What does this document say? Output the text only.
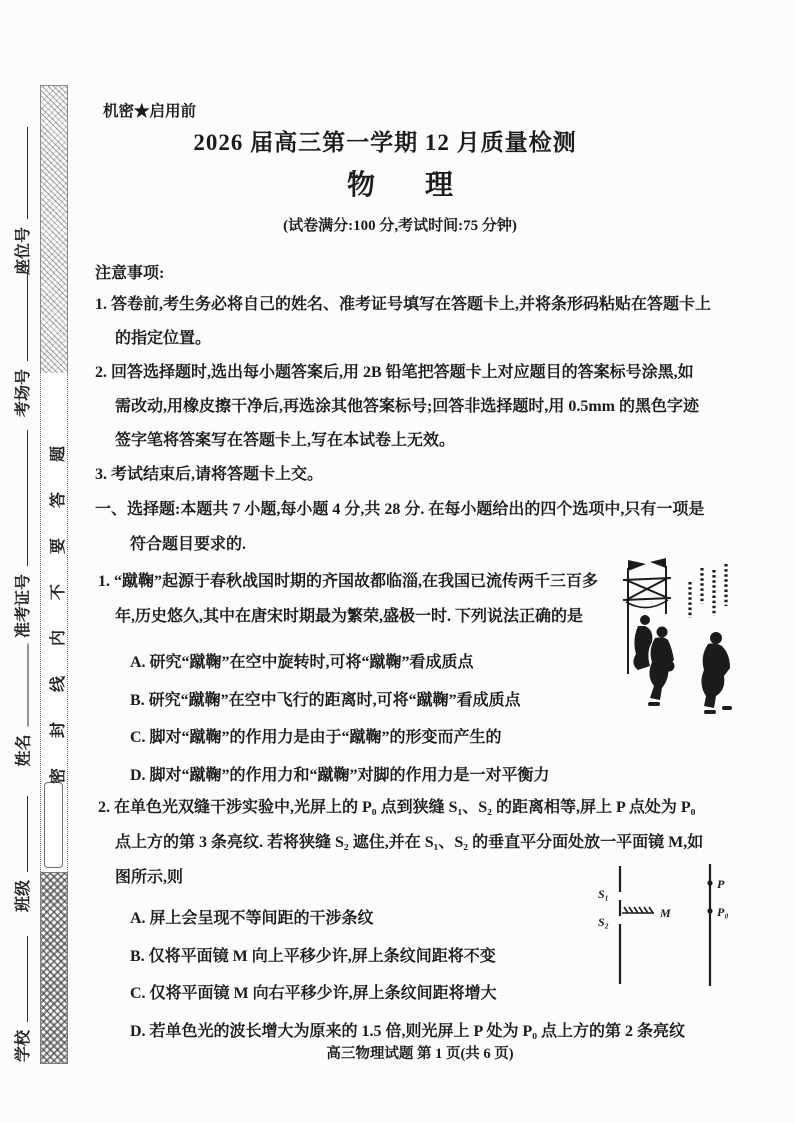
密封线内不要答题
座位号
考场号
准考证号
姓名
班级
学校
机密★启用前
2026 届高三第一学期 12 月质量检测
物理
(试卷满分:100 分,考试时间:75 分钟)
注意事项:
1. 答卷前,考生务必将自己的姓名、准考证号填写在答题卡上,并将条形码粘贴在答题卡上
的指定位置。
2. 回答选择题时,选出每小题答案后,用 2B 铅笔把答题卡上对应题目的答案标号涂黑,如
需改动,用橡皮擦干净后,再选涂其他答案标号;回答非选择题时,用 0.5mm 的黑色字迹
签字笔将答案写在答题卡上,写在本试卷上无效。
3. 考试结束后,请将答题卡上交。
一、选择题:本题共 7 小题,每小题 4 分,共 28 分. 在每小题给出的四个选项中,只有一项是
符合题目要求的.
1. “蹴鞠”起源于春秋战国时期的齐国故都临淄,在我国已流传两千三百多
年,历史悠久,其中在唐宋时期最为繁荣,盛极一时. 下列说法正确的是
A. 研究“蹴鞠”在空中旋转时,可将“蹴鞠”看成质点
B. 研究“蹴鞠”在空中飞行的距离时,可将“蹴鞠”看成质点
C. 脚对“蹴鞠”的作用力是由于“蹴鞠”的形变而产生的
D. 脚对“蹴鞠”的作用力和“蹴鞠”对脚的作用力是一对平衡力
2. 在单色光双缝干涉实验中,光屏上的 P₀ 点到狭缝 S₁、S₂ 的距离相等,屏上 P 点处为 P₀
点上方的第 3 条亮纹. 若将狭缝 S₂ 遮住,并在 S₁、S₂ 的垂直平分面处放一平面镜 M,如
图所示,则
S₁
S₂
M
P
P₀
A. 屏上会呈现不等间距的干涉条纹
B. 仅将平面镜 M 向上平移少许,屏上条纹间距将不变
C. 仅将平面镜 M 向右平移少许,屏上条纹间距将增大
D. 若单色光的波长增大为原来的 1.5 倍,则光屏上 P 处为 P₀ 点上方的第 2 条亮纹
高三物理试题 第 1 页(共 6 页)
